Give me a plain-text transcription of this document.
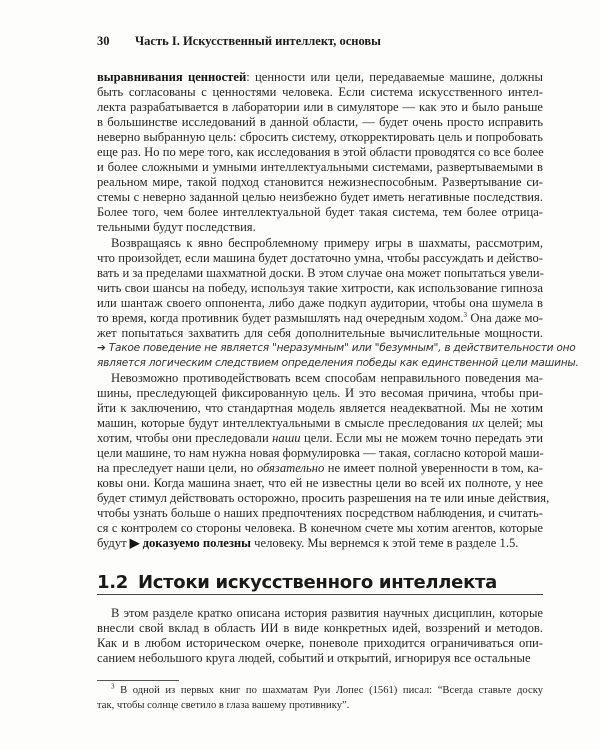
30 Часть I. Искусственный интеллект, основы
выравнивания ценностей: ценности или цели, передаваемые машине, должны
быть согласованы с ценностями человека. Если система искусственного интел-
лекта разрабатывается в лаборатории или в симуляторе — как это и было раньше
в большинстве исследований в данной области, — будет очень просто исправить
неверно выбранную цель: сбросить систему, откорректировать цель и попробовать
еще раз. Но по мере того, как исследования в этой области проводятся со все более
и более сложными и умными интеллектуальными системами, развертываемыми в
реальном мире, такой подход становится нежизнеспособным. Развертывание си-
стемы с неверно заданной целью неизбежно будет иметь негативные последствия.
Более того, чем более интеллектуальной будет такая система, тем более отрица-
тельными будут последствия.
Возвращаясь к явно беспроблемному примеру игры в шахматы, рассмотрим,
что произойдет, если машина будет достаточно умна, чтобы рассуждать и действо-
вать и за пределами шахматной доски. В этом случае она может попытаться увели-
чить свои шансы на победу, используя такие хитрости, как использование гипноза
или шантаж своего оппонента, либо даже подкуп аудитории, чтобы она шумела в
то время, когда противник будет размышлять над очередным ходом.$^3$ Она даже мо-
жет попытаться захватить для себя дополнительные вычислительные мощности.
➔ Такое поведение не является "неразумным" или "безумным", в действительности оно
является логическим следствием определения победы как единственной цели машины.
Невозможно противодействовать всем способам неправильного поведения ма-
шины, преследующей фиксированную цель. И это весомая причина, чтобы при-
йти к заключению, что стандартная модель является неадекватной. Мы не хотим
машин, которые будут интеллектуальными в смысле преследования их целей; мы
хотим, чтобы они преследовали наши цели. Если мы не можем точно передать эти
цели машине, то нам нужна новая формулировка — такая, согласно которой маши-
на преследует наши цели, но обязательно не имеет полной уверенности в том, ка-
ковы они. Когда машина знает, что ей не известны цели во всей их полноте, у нее
будет стимул действовать осторожно, просить разрешения на те или иные действия,
чтобы узнать больше о наших предпочтениях посредством наблюдения, и считать-
ся с контролем со стороны человека. В конечном счете мы хотим агентов, которые
будут ▶ доказуемо полезны человеку. Мы вернемся к этой теме в разделе 1.5.
1.2 Истоки искусственного интеллекта
В этом разделе кратко описана история развития научных дисциплин, которые
внесли свой вклад в область ИИ в виде конкретных идей, воззрений и методов.
Как и в любом историческом очерке, поневоле приходится ограничиваться опи-
санием небольшого круга людей, событий и открытий, игнорируя все остальные
$^3$ В одной из первых книг по шахматам Руи Лопес (1561) писал: “Всегда ставьте доску
так, чтобы солнце светило в глаза вашему противнику”.
